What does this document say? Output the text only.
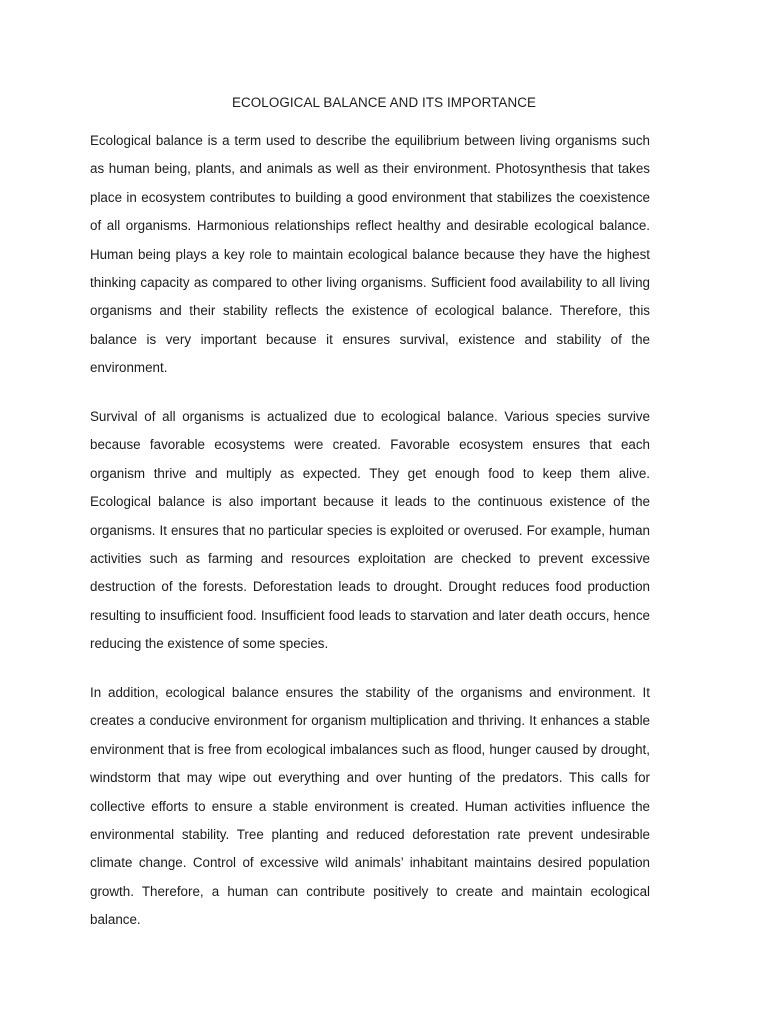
ECOLOGICAL BALANCE AND ITS IMPORTANCE

Ecological balance is a term used to describe the equilibrium between living organisms such as human being, plants, and animals as well as their environment. Photosynthesis that takes place in ecosystem contributes to building a good environment that stabilizes the coexistence of all organisms. Harmonious relationships reflect healthy and desirable ecological balance. Human being plays a key role to maintain ecological balance because they have the highest thinking capacity as compared to other living organisms. Sufficient food availability to all living organisms and their stability reflects the existence of ecological balance. Therefore, this balance is very important because it ensures survival, existence and stability of the environment.

Survival of all organisms is actualized due to ecological balance. Various species survive because favorable ecosystems were created. Favorable ecosystem ensures that each organism thrive and multiply as expected. They get enough food to keep them alive. Ecological balance is also important because it leads to the continuous existence of the organisms. It ensures that no particular species is exploited or overused. For example, human activities such as farming and resources exploitation are checked to prevent excessive destruction of the forests. Deforestation leads to drought. Drought reduces food production resulting to insufficient food. Insufficient food leads to starvation and later death occurs, hence reducing the existence of some species.

In addition, ecological balance ensures the stability of the organisms and environment. It creates a conducive environment for organism multiplication and thriving. It enhances a stable environment that is free from ecological imbalances such as flood, hunger caused by drought, windstorm that may wipe out everything and over hunting of the predators. This calls for collective efforts to ensure a stable environment is created. Human activities influence the environmental stability. Tree planting and reduced deforestation rate prevent undesirable climate change. Control of excessive wild animals’ inhabitant maintains desired population growth. Therefore, a human can contribute positively to create and maintain ecological balance.
